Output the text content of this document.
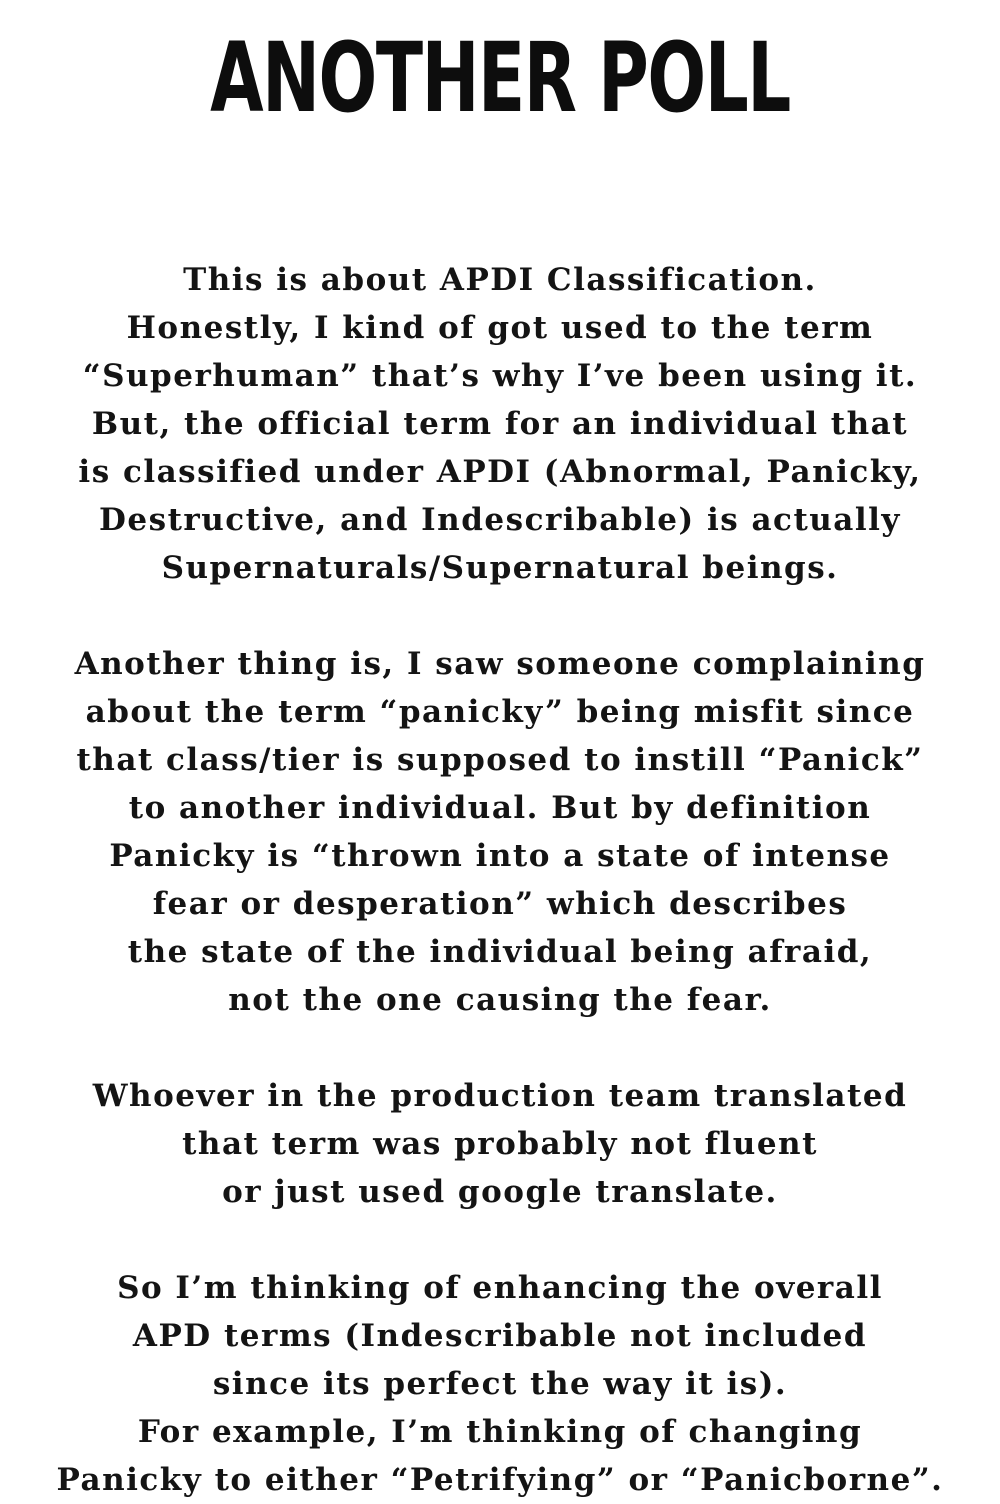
ANOTHER POLL

This is about APDI Classification.
Honestly, I kind of got used to the term
“Superhuman” that’s why I’ve been using it.
But, the official term for an individual that
is classified under APDI (Abnormal, Panicky,
Destructive, and Indescribable) is actually
Supernaturals/Supernatural beings.

Another thing is, I saw someone complaining
about the term “panicky” being misfit since
that class/tier is supposed to instill “Panick”
to another individual. But by definition
Panicky is “thrown into a state of intense
fear or desperation” which describes
the state of the individual being afraid,
not the one causing the fear.

Whoever in the production team translated
that term was probably not fluent
or just used google translate.

So I’m thinking of enhancing the overall
APD terms (Indescribable not included
since its perfect the way it is).
For example, I’m thinking of changing
Panicky to either “Petrifying” or “Panicborne”.
